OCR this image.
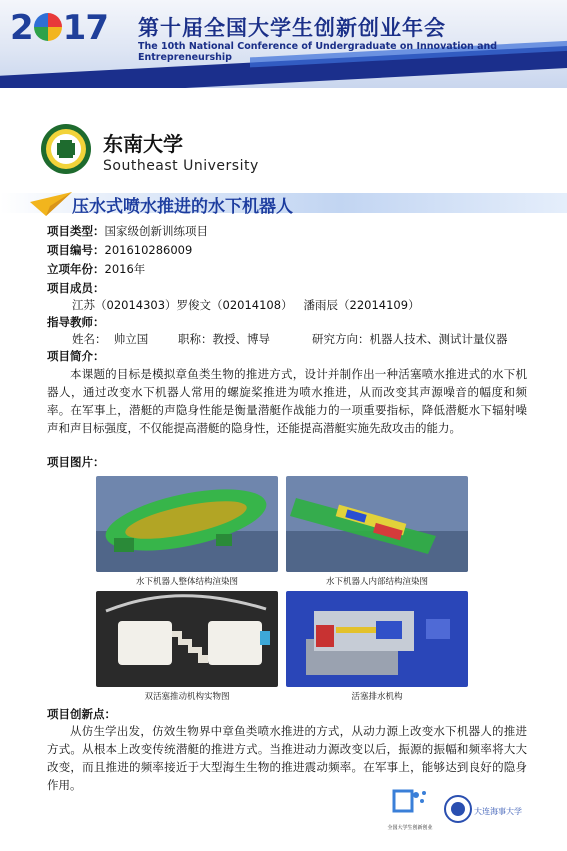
2 17 第十届全国大学生创新创业年会
The 10th National Conference of Undergraduate on Innovation and Entrepreneurship
东南大学
Southeast University
压水式喷水推进的水下机器人
项目类型：国家级创新训练项目
项目编号：201610286009
立项年份：2016年
项目成员：
江苏（02014303）罗俊文（02014108）   潘雨辰（22014109）
指导教师：
姓名：  帅立国	职称：教授、博导	研究方向：机器人技术、测试计量仪器
项目简介：
本课题的目标是模拟章鱼类生物的推进方式，设计并制作出一种活塞喷水推进式的水下机器人，通过改变水下机器人常用的螺旋桨推进为喷水推进，从而改变其声源噪音的幅度和频率。在军事上，潜艇的声隐身性能是衡量潜艇作战能力的一项重要指标，降低潜艇水下辐射噪声和声目标强度，不仅能提高潜艇的隐身性，还能提高潜艇实施先敌攻击的能力。
项目图片：
水下机器人整体结构渲染图	水下机器人内部结构渲染图
双活塞推动机构实物图	活塞排水机构
项目创新点：
从仿生学出发，仿效生物界中章鱼类喷水推进的方式，从动力源上改变水下机器人的推进方式。从根本上改变传统潜艇的推进方式。当推进动力源改变以后，振源的振幅和频率将大大改变，而且推进的频率接近于大型海生生物的推进震动频率。在军事上，能够达到良好的隐身作用。
全国大学生创新创业
大连海事大学
